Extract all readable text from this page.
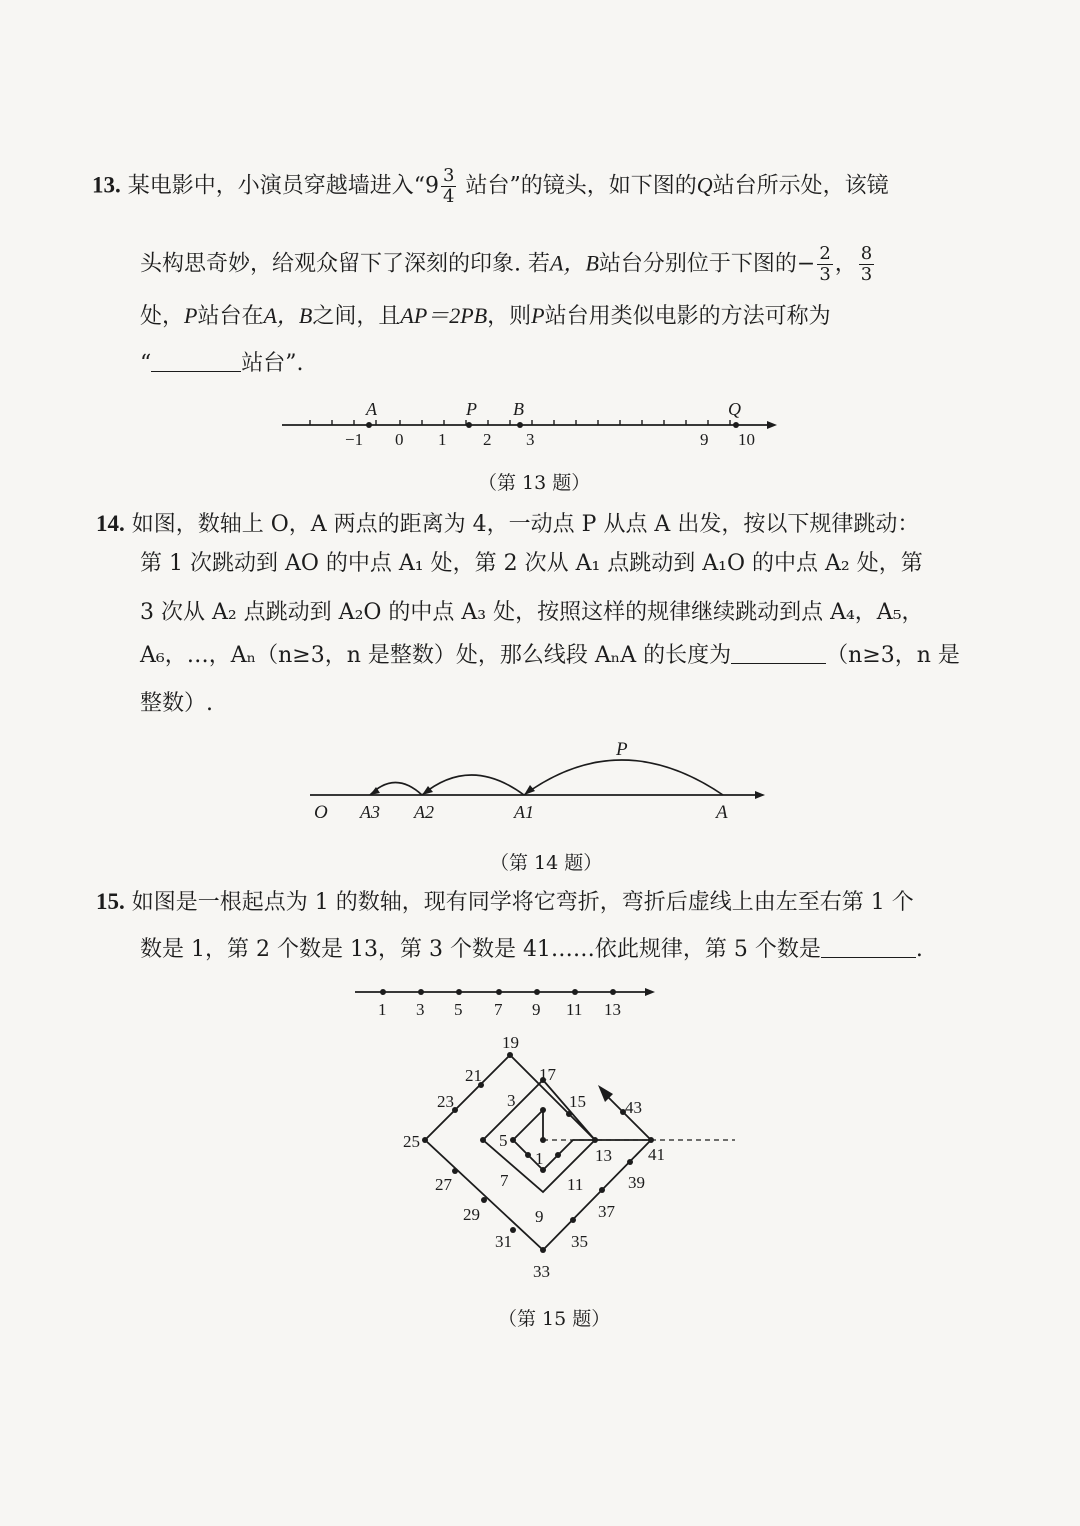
13. 某电影中，小演员穿越墙进入“$9 \frac{3}{4}$ 站台”的镜头，如下图的Q站台所示处，该镜
头构思奇妙，给观众留下了深刻的印象. 若A，B站台分别位于下图的− $\frac{2}{3}$ ， $\frac{8}{3}$
处，P站台在A，B之间，且AP＝2PB，则P站台用类似电影的方法可称为
“	站台”.
A	P B	Q
−1 0 1 2 3	9 10
（第 13 题）
14. 如图，数轴上 O，A 两点的距离为 4，一动点 P 从点 A 出发，按以下规律跳动：
第 1 次跳动到 AO 的中点 A₁ 处，第 2 次从 A₁ 点跳动到 A₁O 的中点 A₂ 处，第
3 次从 A₂ 点跳动到 A₂O 的中点 A₃ 处，按照这样的规律继续跳动到点 A₄，A₅，
A₆，…，Aₙ（n≥3，n 是整数）处，那么线段 AₙA 的长度为	（n≥3，n 是
整数）.
O A3 A2	A1	A
P
（第 14 题）
15. 如图是一根起点为 1 的数轴，现有同学将它弯折，弯折后虚线上由左至右第 1 个
数是 1，第 2 个数是 13，第 3 个数是 41……依此规律，第 5 个数是	.
1 3 5 7 9 11 13
19
21	17
23	3	15 43
25	5
1	13 41
27	7	11	39
29	9	37
31	35
33
（第 15 题）
